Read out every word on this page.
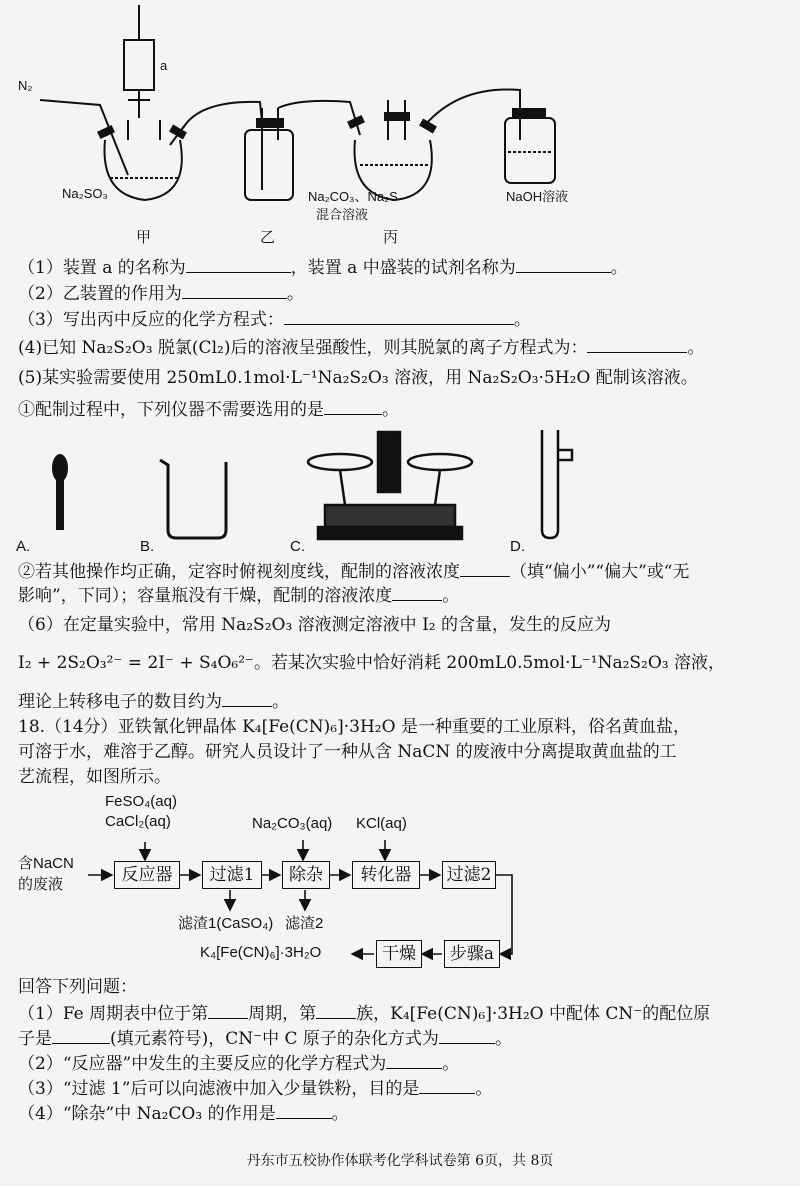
N₂
a
Na₂SO₃	Na₂CO₃、Na₂S
混合溶液
NaOH溶液
甲	乙	丙
（1）装置 a 的名称为	，装置 a 中盛装的试剂名称为	。
（2）乙装置的作用为	。
（3）写出丙中反应的化学方程式：	。
(4)已知 Na₂S₂O₃ 脱氯(Cl₂)后的溶液呈强酸性，则其脱氯的离子方程式为：	。
(5)某实验需要使用 250mL0.1mol·L⁻¹Na₂S₂O₃ 溶液，用 Na₂S₂O₃·5H₂O 配制该溶液。
①配制过程中，下列仪器不需要选用的是	。
A.	B.	C.	D.
②若其他操作均正确，定容时俯视刻度线，配制的溶液浓度	（填“偏小”“偏大”或“无
影响”，下同）；容量瓶没有干燥，配制的溶液浓度	。
（6）在定量实验中，常用 Na₂S₂O₃ 溶液测定溶液中 I₂ 的含量，发生的反应为
I₂ + 2S₂O₃²⁻ = 2I⁻ + S₄O₆²⁻。若某次实验中恰好消耗 200mL0.5mol·L⁻¹Na₂S₂O₃ 溶液，
理论上转移电子的数目约为	。
18.（14分）亚铁氰化钾晶体 K₄[Fe(CN)₆]·3H₂O 是一种重要的工业原料，俗名黄血盐，
可溶于水，难溶于乙醇。研究人员设计了一种从含 NaCN 的废液中分离提取黄血盐的工
艺流程，如图所示。
FeSO₄(aq)
CaCl₂(aq)	Na₂CO₃(aq) KCl(aq)
含NaCN
的废液	反应器	过滤1	除杂	转化器	过滤2
滤渣1(CaSO₄) 滤渣2
步骤a
干燥
K₄[Fe(CN)₆]·3H₂O
回答下列问题：
（1）Fe 周期表中位于第 周期，第 族，K₄[Fe(CN)₆]·3H₂O 中配体 CN⁻的配位原
子是	(填元素符号)，CN⁻中 C 原子的杂化方式为	。
（2）“反应器”中发生的主要反应的化学方程式为	。
（3）“过滤 1”后可以向滤液中加入少量铁粉，目的是	。
（4）“除杂”中 Na₂CO₃ 的作用是	。
丹东市五校协作体联考化学科试卷第 6页，共 8页
